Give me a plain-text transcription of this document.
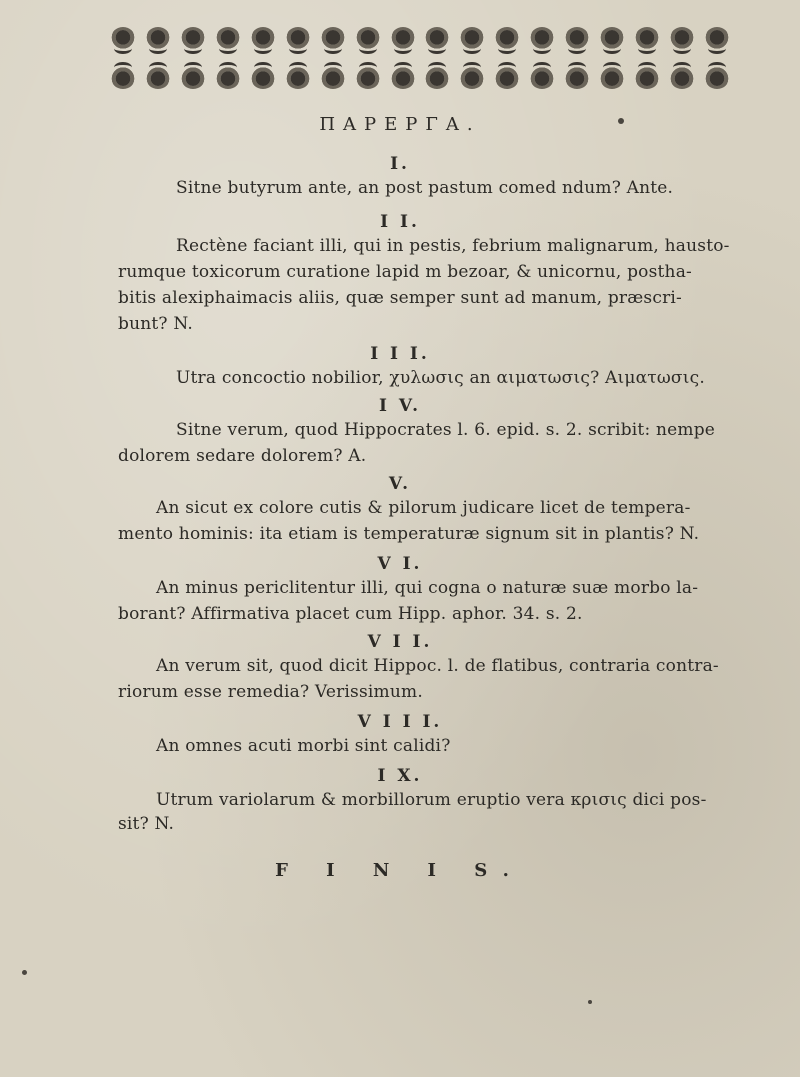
ΠΑΡΕΡΓΑ.
I.
Sitne butyrum ante, an post pastum comed ndum? Ante.
I I.
Rectène faciant illi, qui in pestis, febrium malignarum, hausto-
rumque toxicorum curatione lapid m bezoar, & unicornu, postha-
bitis alexiphaimacis aliis, quæ semper sunt ad manum, præscri-
bunt? N.
I I I.
Utra concoctio nobilior, χυλωσις an αιματωσις? Αιματωσις.
I V.
Sitne verum, quod Hippocrates l. 6. epid. s. 2. scribit: nempe
dolorem sedare dolorem? A.
V.
An sicut ex colore cutis & pilorum judicare licet de tempera-
mento hominis: ita etiam is temperaturæ signum sit in plantis? N.
V I.
An minus periclitentur illi, qui cogna o naturæ suæ morbo la-
borant? Affirmativa placet cum Hipp. aphor. 34. s. 2.
V I I.
An verum sit, quod dicit Hippoc. l. de flatibus, contraria contra-
riorum esse remedia? Verissimum.
V I I I.
An omnes acuti morbi sint calidi?
I X.
Utrum variolarum & morbillorum eruptio vera κρισις dici pos-
sit? N.
F I N I S.
